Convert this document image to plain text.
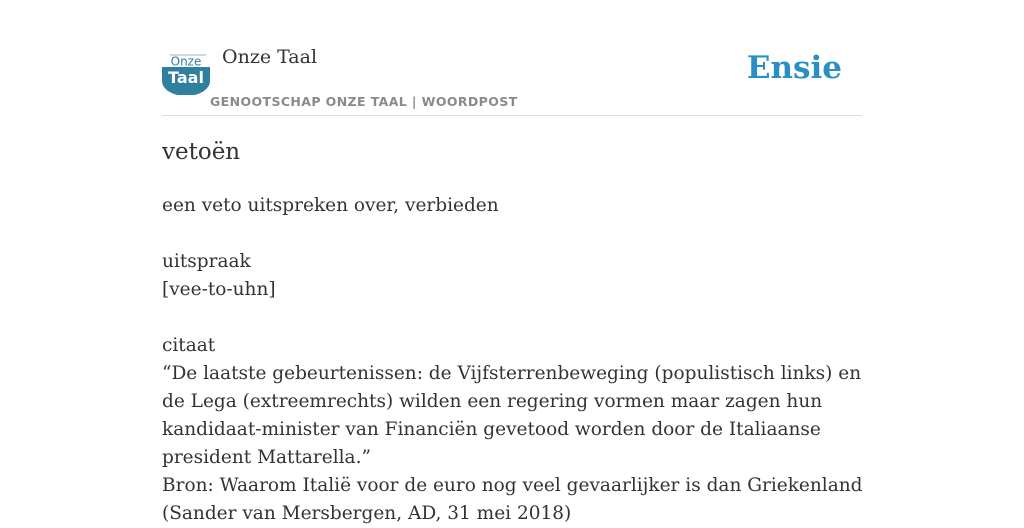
Onze
Taal
Onze Taal
GENOOTSCHAP ONZE TAAL | WOORDPOST
Ensie
vetoën
een veto uitspreken over, verbieden
uitspraak
[vee-to-uhn]
citaat
“De laatste gebeurtenissen: de Vijfsterrenbeweging (populistisch links) en de Lega (extreemrechts) wilden een regering vormen maar zagen hun kandidaat-minister van Financiën gevetood worden door de Italiaanse president Mattarella.”
Bron: Waarom Italië voor de euro nog veel gevaarlijker is dan Griekenland
(Sander van Mersbergen, AD, 31 mei 2018)
